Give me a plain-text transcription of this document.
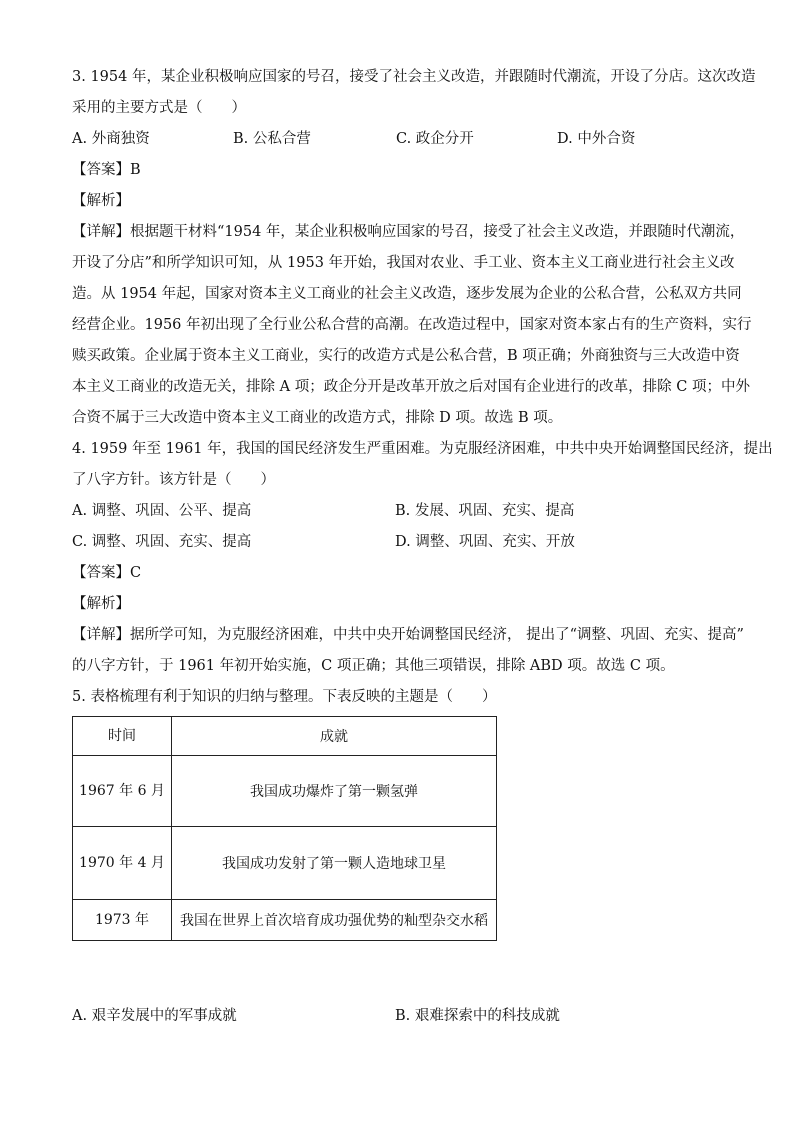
3. 1954 年，某企业积极响应国家的号召，接受了社会主义改造，并跟随时代潮流，开设了分店。这次改造
采用的主要方式是（　　）
A. 外商独资	B. 公私合营	C. 政企分开	D. 中外合资
【答案】B
【解析】
【详解】根据题干材料“1954 年，某企业积极响应国家的号召，接受了社会主义改造，并跟随时代潮流，
开设了分店”和所学知识可知，从 1953 年开始，我国对农业、手工业、资本主义工商业进行社会主义改
造。从 1954 年起，国家对资本主义工商业的社会主义改造，逐步发展为企业的公私合营，公私双方共同
经营企业。1956 年初出现了全行业公私合营的高潮。在改造过程中，国家对资本家占有的生产资料，实行
赎买政策。企业属于资本主义工商业，实行的改造方式是公私合营，B 项正确；外商独资与三大改造中资
本主义工商业的改造无关，排除 A 项；政企分开是改革开放之后对国有企业进行的改革，排除 C 项；中外
合资不属于三大改造中资本主义工商业的改造方式，排除 D 项。故选 B 项。
4. 1959 年至 1961 年，我国的国民经济发生严重困难。为克服经济困难，中共中央开始调整国民经济，提出
了八字方针。该方针是（　　）
A. 调整、巩固、公平、提高	B. 发展、巩固、充实、提高
C. 调整、巩固、充实、提高	D. 调整、巩固、充实、开放
【答案】C
【解析】
【详解】据所学可知，为克服经济困难，中共中央开始调整国民经济， 提出了“调整、巩固、充实、提高”
的八字方针，于 1961 年初开始实施，C 项正确；其他三项错误，排除 ABD 项。故选 C 项。
5. 表格梳理有利于知识的归纳与整理。下表反映的主题是（　　）
时间	成就
1967 年 6 月	我国成功爆炸了第一颗氢弹
1970 年 4 月	我国成功发射了第一颗人造地球卫星
1973 年	我国在世界上首次培育成功强优势的籼型杂交水稻
A. 艰辛发展中的军事成就	B. 艰难探索中的科技成就
